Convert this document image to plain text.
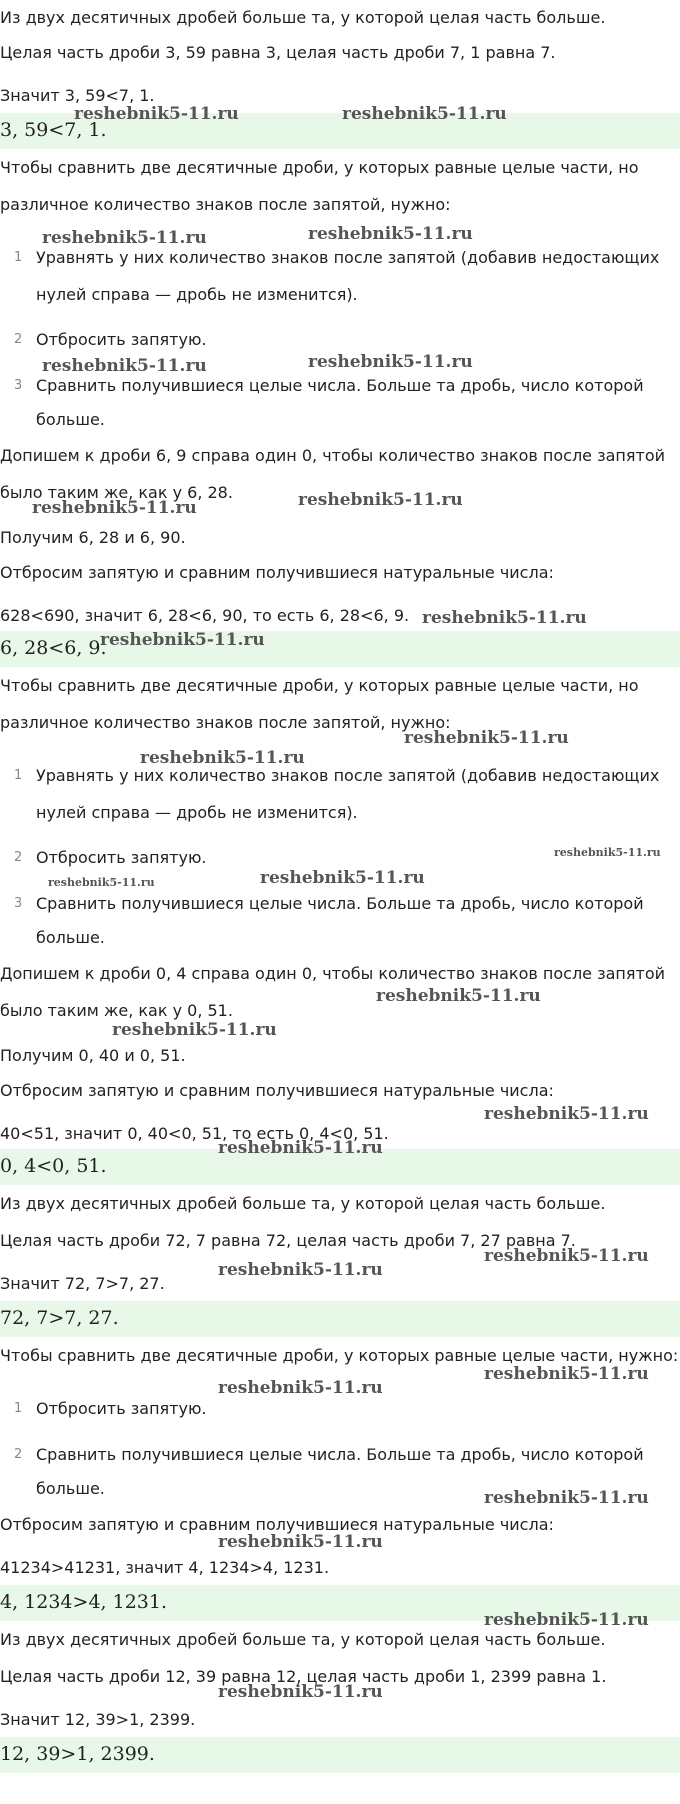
Из двух десятичных дробей больше та, у которой целая часть больше.
Целая часть дроби 3, 59 равна 3, целая часть дроби 7, 1 равна 7.
Значит 3, 59<7, 1.
3, 59<7, 1.
Чтобы сравнить две десятичные дроби, у которых равные целые части, но
различное количество знаков после запятой, нужно:
1 Уравнять у них количество знаков после запятой (добавив недостающих
нулей справа — дробь не изменится).
2 Отбросить запятую.
3 Сравнить получившиеся целые числа. Больше та дробь, число которой
больше.
Допишем к дроби 6, 9 справа один 0, чтобы количество знаков после запятой
было таким же, как у 6, 28.
Получим 6, 28 и 6, 90.
Отбросим запятую и сравним получившиеся натуральные числа:
628<690, значит 6, 28<6, 90, то есть 6, 28<6, 9.
6, 28<6, 9.
Чтобы сравнить две десятичные дроби, у которых равные целые части, но
различное количество знаков после запятой, нужно:
1 Уравнять у них количество знаков после запятой (добавив недостающих
нулей справа — дробь не изменится).
2 Отбросить запятую.
3 Сравнить получившиеся целые числа. Больше та дробь, число которой
больше.
Допишем к дроби 0, 4 справа один 0, чтобы количество знаков после запятой
было таким же, как у 0, 51.
Получим 0, 40 и 0, 51.
Отбросим запятую и сравним получившиеся натуральные числа:
40<51, значит 0, 40<0, 51, то есть 0, 4<0, 51.
0, 4<0, 51.
Из двух десятичных дробей больше та, у которой целая часть больше.
Целая часть дроби 72, 7 равна 72, целая часть дроби 7, 27 равна 7.
Значит 72, 7>7, 27.
72, 7>7, 27.
Чтобы сравнить две десятичные дроби, у которых равные целые части, нужно:
1 Отбросить запятую.
2 Сравнить получившиеся целые числа. Больше та дробь, число которой
больше.
Отбросим запятую и сравним получившиеся натуральные числа:
41234>41231, значит 4, 1234>4, 1231.
4, 1234>4, 1231.
Из двух десятичных дробей больше та, у которой целая часть больше.
Целая часть дроби 12, 39 равна 12, целая часть дроби 1, 2399 равна 1.
Значит 12, 39>1, 2399.
12, 39>1, 2399.
reshebnik5-11.ru	reshebnik5-11.ru
reshebnik5-11.ru	reshebnik5-11.ru
reshebnik5-11.ru	reshebnik5-11.ru
reshebnik5-11.ru	reshebnik5-11.ru
reshebnik5-11.ru
reshebnik5-11.ru
reshebnik5-11.ru
reshebnik5-11.ru
reshebnik5-11.ru
reshebnik5-11.ru	reshebnik5-11.ru
reshebnik5-11.ru
reshebnik5-11.ru
reshebnik5-11.ru
reshebnik5-11.ru
reshebnik5-11.ru
reshebnik5-11.ru
reshebnik5-11.ru
reshebnik5-11.ru
reshebnik5-11.ru
reshebnik5-11.ru
reshebnik5-11.ru
reshebnik5-11.ru
